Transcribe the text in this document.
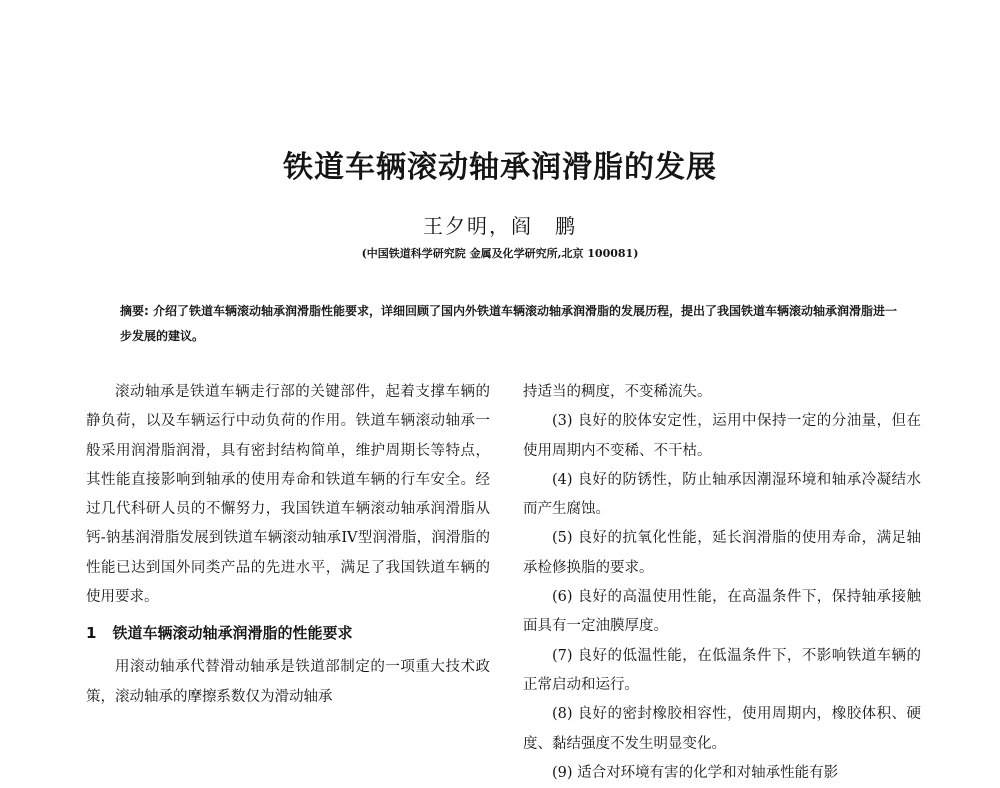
铁道车辆滚动轴承润滑脂的发展
王夕明，阎　鹏
(中国铁道科学研究院 金属及化学研究所,北京 100081)
摘要: 介绍了铁道车辆滚动轴承润滑脂性能要求，详细回顾了国内外铁道车辆滚动轴承润滑脂的发展历程，提出了我国铁道车辆滚动轴承润滑脂进一步发展的建议。

滚动轴承是铁道车辆走行部的关键部件，起着支撑车辆的静负荷，以及车辆运行中动负荷的作用。铁道车辆滚动轴承一般采用润滑脂润滑，具有密封结构简单，维护周期长等特点，其性能直接影响到轴承的使用寿命和铁道车辆的行车安全。经过几代科研人员的不懈努力，我国铁道车辆滚动轴承润滑脂从钙-钠基润滑脂发展到铁道车辆滚动轴承IV型润滑脂，润滑脂的性能已达到国外同类产品的先进水平，满足了我国铁道车辆的使用要求。

1 铁道车辆滚动轴承润滑脂的性能要求

用滚动轴承代替滑动轴承是铁道部制定的一项重大技术政策，滚动轴承的摩擦系数仅为滑动轴承

持适当的稠度，不变稀流失。

(3) 良好的胶体安定性，运用中保持一定的分油量，但在使用周期内不变稀、不干枯。

(4) 良好的防锈性，防止轴承因潮湿环境和轴承冷凝结水而产生腐蚀。

(5) 良好的抗氧化性能，延长润滑脂的使用寿命，满足轴承检修换脂的要求。

(6) 良好的高温使用性能，在高温条件下，保持轴承接触面具有一定油膜厚度。

(7) 良好的低温性能，在低温条件下，不影响铁道车辆的正常启动和运行。

(8) 良好的密封橡胶相容性，使用周期内，橡胶体积、硬度、黏结强度不发生明显变化。

(9) 适合对环境有害的化学和对轴承性能有影
